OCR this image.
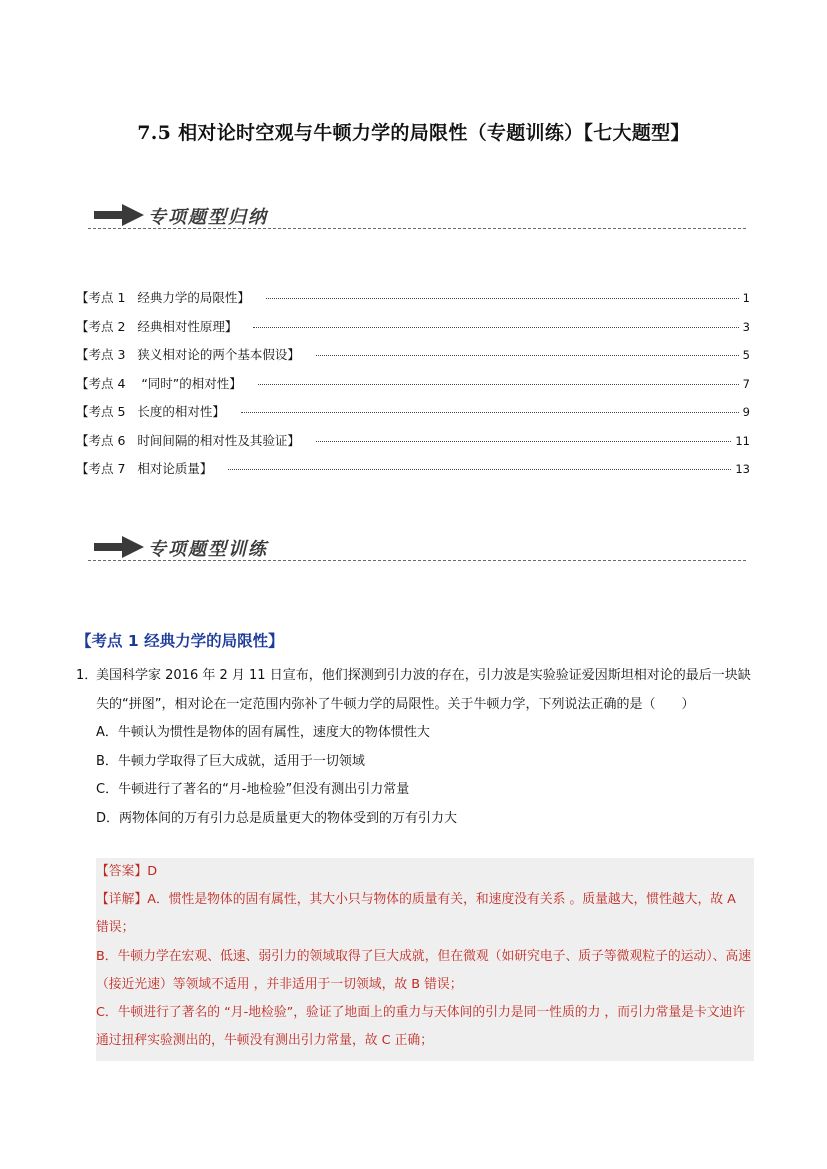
7.5 相对论时空观与牛顿力学的局限性（专题训练）【七大题型】
专项题型归纳
【考点 1   经典力学的局限性】	1
【考点 2   经典相对性原理】	3
【考点 3   狭义相对论的两个基本假设】	5
【考点 4    “同时”的相对性】	7
【考点 5   长度的相对性】	9
【考点 6   时间间隔的相对性及其验证】	11
【考点 7   相对论质量】	13
专项题型训练
【考点 1 经典力学的局限性】
1．
美国科学家 2016 年 2 月 11 日宣布，他们探测到引力波的存在，引力波是实验验证爱因斯坦相对论的最后一块缺失的“拼图”，相对论在一定范围内弥补了牛顿力学的局限性。关于牛顿力学，下列说法正确的是（　　）
A．牛顿认为惯性是物体的固有属性，速度大的物体惯性大
B．牛顿力学取得了巨大成就，适用于一切领域
C．牛顿进行了著名的“月-地检验”但没有测出引力常量
D．两物体间的万有引力总是质量更大的物体受到的万有引力大
【答案】D
【详解】A．惯性是物体的固有属性，其大小只与物体的质量有关，和速度没有关系 。质量越大，惯性越大，故 A 错误；
B．牛顿力学在宏观、低速、弱引力的领域取得了巨大成就，但在微观（如研究电子、质子等微观粒子的运动）、高速（接近光速）等领域不适用 ，并非适用于一切领域，故 B 错误；
C．牛顿进行了著名的 “月-地检验”，验证了地面上的重力与天体间的引力是同一性质的力 ，而引力常量是卡文迪许通过扭秤实验测出的，牛顿没有测出引力常量，故 C 正确；
